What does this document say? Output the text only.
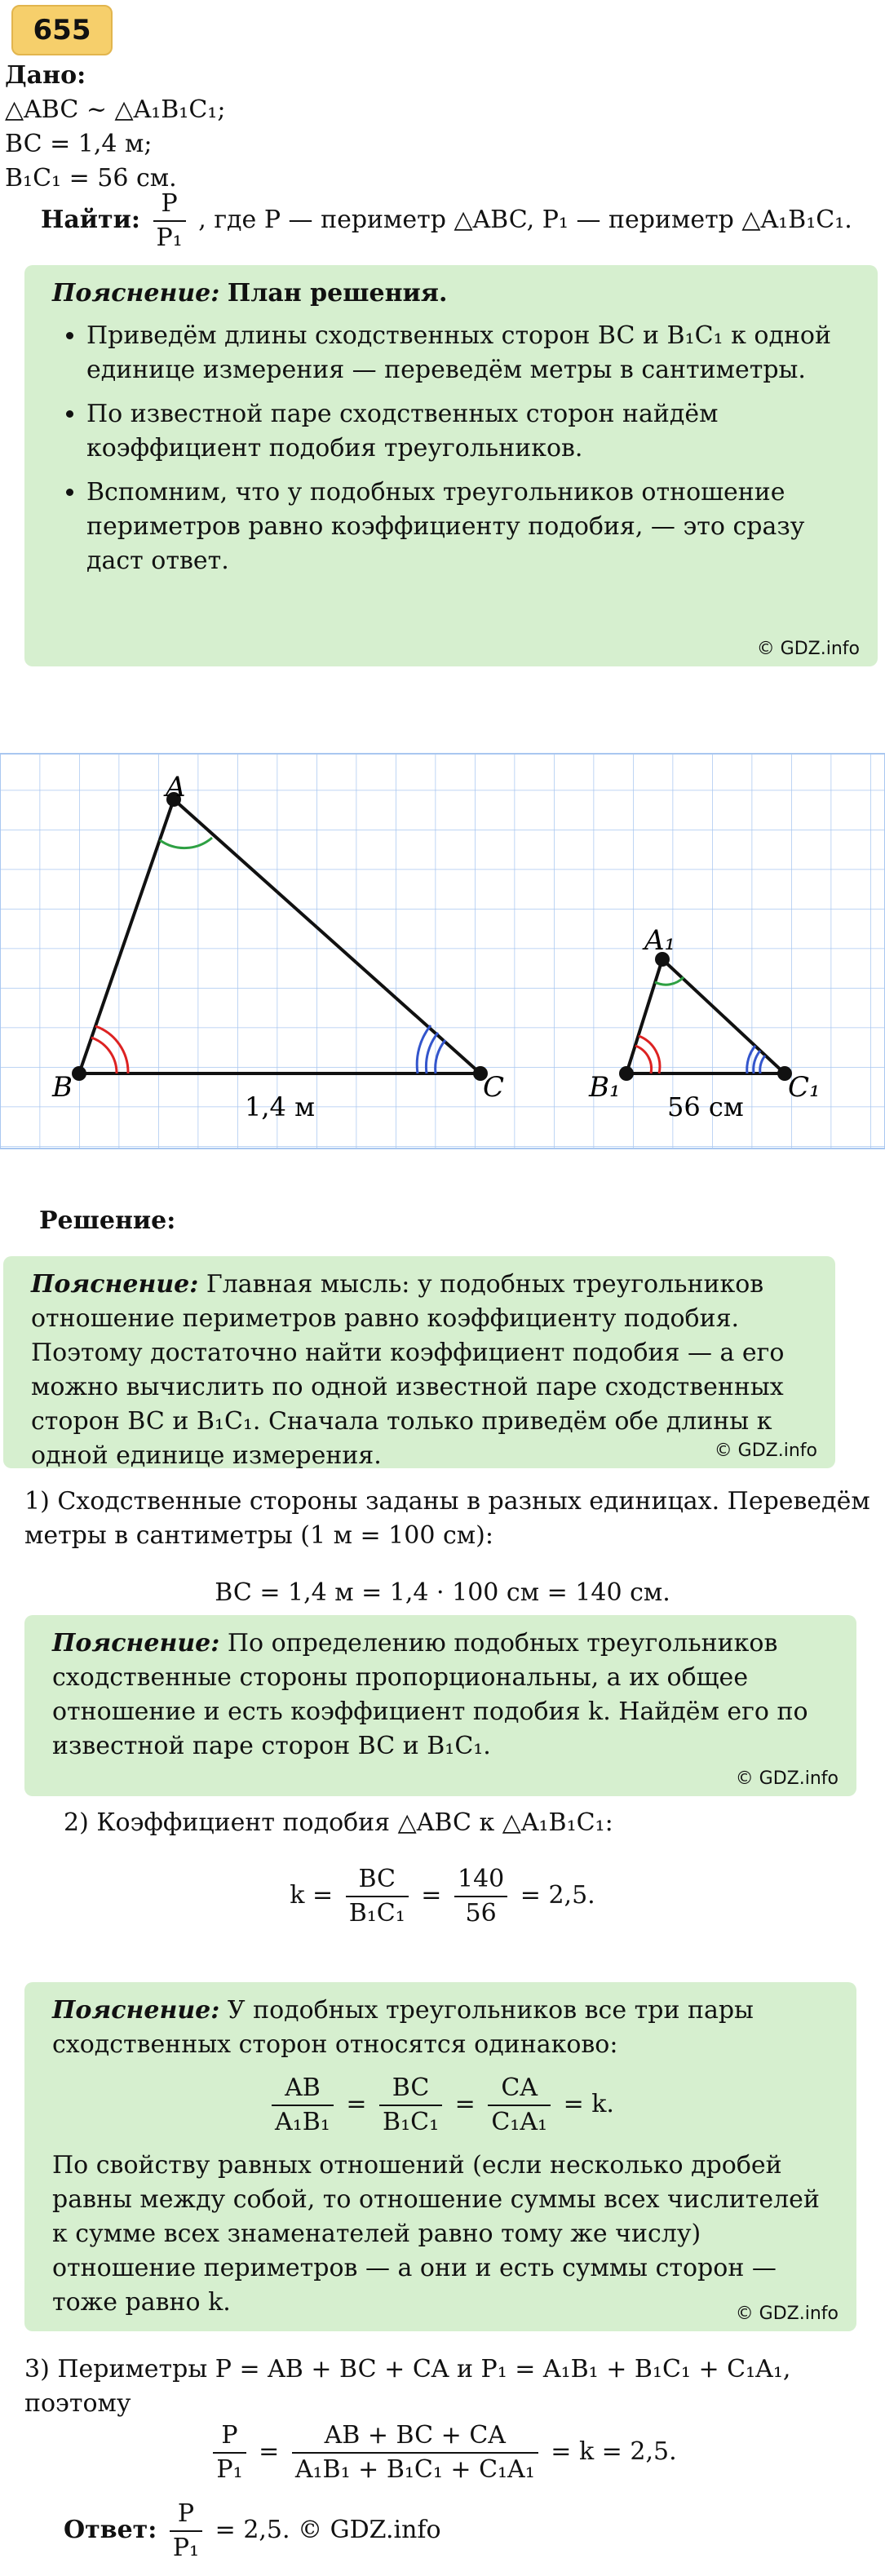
655
Дано:
△ABC ~ △A₁B₁C₁;
BC = 1,4 м;
B₁C₁ = 56 см.
Найти: $\frac{P}{\text{P₁}}$ , где P — периметр △ABC, P₁ — периметр △A₁B₁C₁.

Пояснение: План решения.

• Приведём длины сходственных сторон BC и B₁C₁ к одной единице измерения — переведём метры в сантиметры.
• По известной паре сходственных сторон найдём коэффициент подобия треугольников.
• Вспомним, что у подобных треугольников отношение периметров равно коэффициенту подобия, — это сразу даст ответ.
© GDZ.info
A
B	C
1,4 м
A₁
B₁	C₁
56 см
Решение:

Пояснение: Главная мысль: у подобных треугольников отношение периметров равно коэффициенту подобия. Поэтому достаточно найти коэффициент подобия — а его можно вычислить по одной известной паре сходственных сторон BC и B₁C₁. Сначала только приведём обе длины к одной единице измерения.	© GDZ.info
1) Сходственные стороны заданы в разных единицах. Переведём метры в сантиметры (1 м = 100 см):
BC = 1,4 м = 1,4 · 100 см = 140 см.

Пояснение: По определению подобных треугольников сходственные стороны пропорциональны, а их общее отношение и есть коэффициент подобия k. Найдём его по известной паре сторон BC и B₁C₁.

© GDZ.info
2) Коэффициент подобия △ABC к △A₁B₁C₁:
$k = \frac{BC}{\text{B₁C₁}} = \frac{140}{56} = 2,5$.

Пояснение: У подобных треугольников все три пары сходственных сторон относятся одинаково:

$\frac{AB}{\text{A₁B₁}} = \frac{BC}{\text{B₁C₁}} = \frac{CA}{\text{C₁A₁}} = k$.

По свойству равных отношений (если несколько дробей равны между собой, то отношение суммы всех числителей к сумме всех знаменателей равно тому же числу) отношение периметров — а они и есть суммы сторон — тоже равно k.	© GDZ.info
3) Периметры P = AB + BC + CA и P₁ = A₁B₁ + B₁C₁ + C₁A₁, поэтому
$\frac{P}{\text{P₁}} = \frac{AB + BC + CA}{\text{A₁B₁ + B₁C₁ + C₁A₁}} = k = 2,5$.
Ответ: $\frac{P}{\text{P₁}} = 2,5$. © GDZ.info
